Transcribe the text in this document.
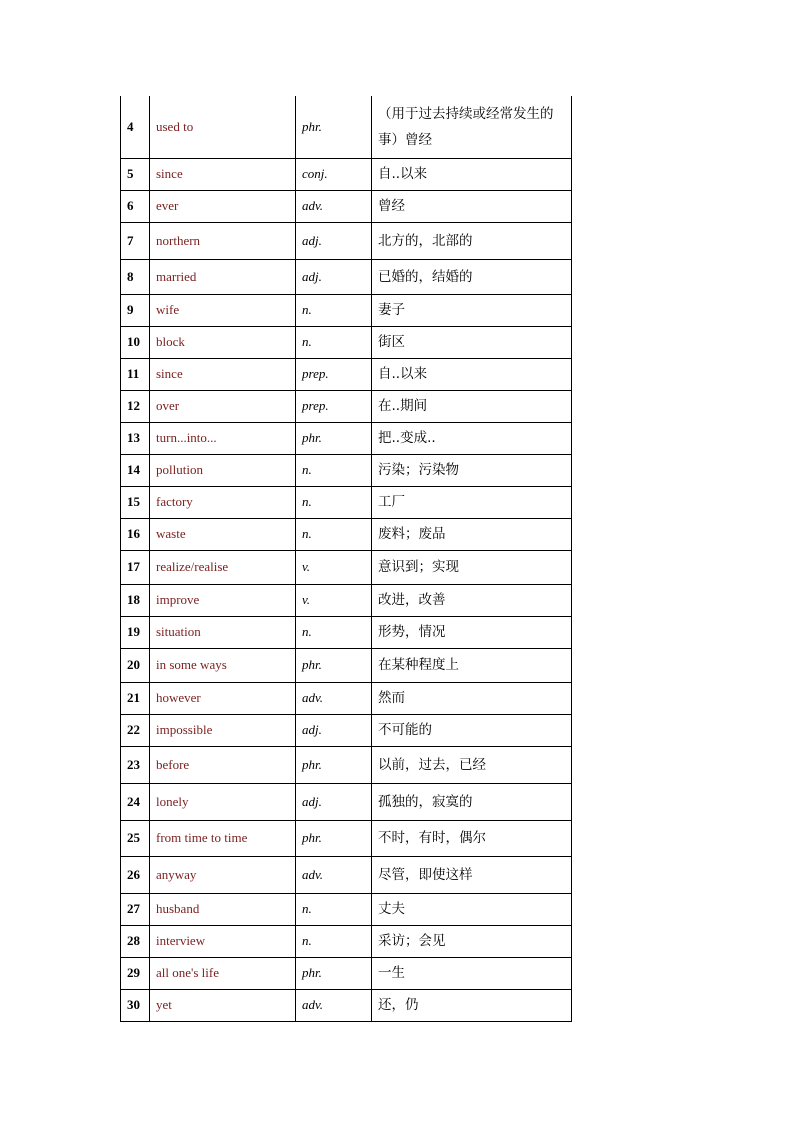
4	used to	phr.	（用于过去持续或经常发生的事）曾经
5	since	conj.	自..以来
6	ever	adv.	曾经
7	northern	adj.	北方的，北部的
8	married	adj.	已婚的，结婚的
9	wife	n.	妻子
10	block	n.	街区
11	since	prep.	自..以来
12	over	prep.	在..期间
13	turn...into...	phr.	把..变成..
14	pollution	n.	污染；污染物
15	factory	n.	工厂
16	waste	n.	废料；废品
17	realize/realise	v.	意识到；实现
18	improve	v.	改进，改善
19	situation	n.	形势，情况
20	in some ways	phr.	在某种程度上
21	however	adv.	然而
22	impossible	adj.	不可能的
23	before	phr.	以前，过去，已经
24	lonely	adj.	孤独的，寂寞的
25	from time to time	phr.	不时，有时，偶尔
26	anyway	adv.	尽管，即使这样
27	husband	n.	丈夫
28	interview	n.	采访；会见
29	all one's life	phr.	一生
30	yet	adv.	还，仍
